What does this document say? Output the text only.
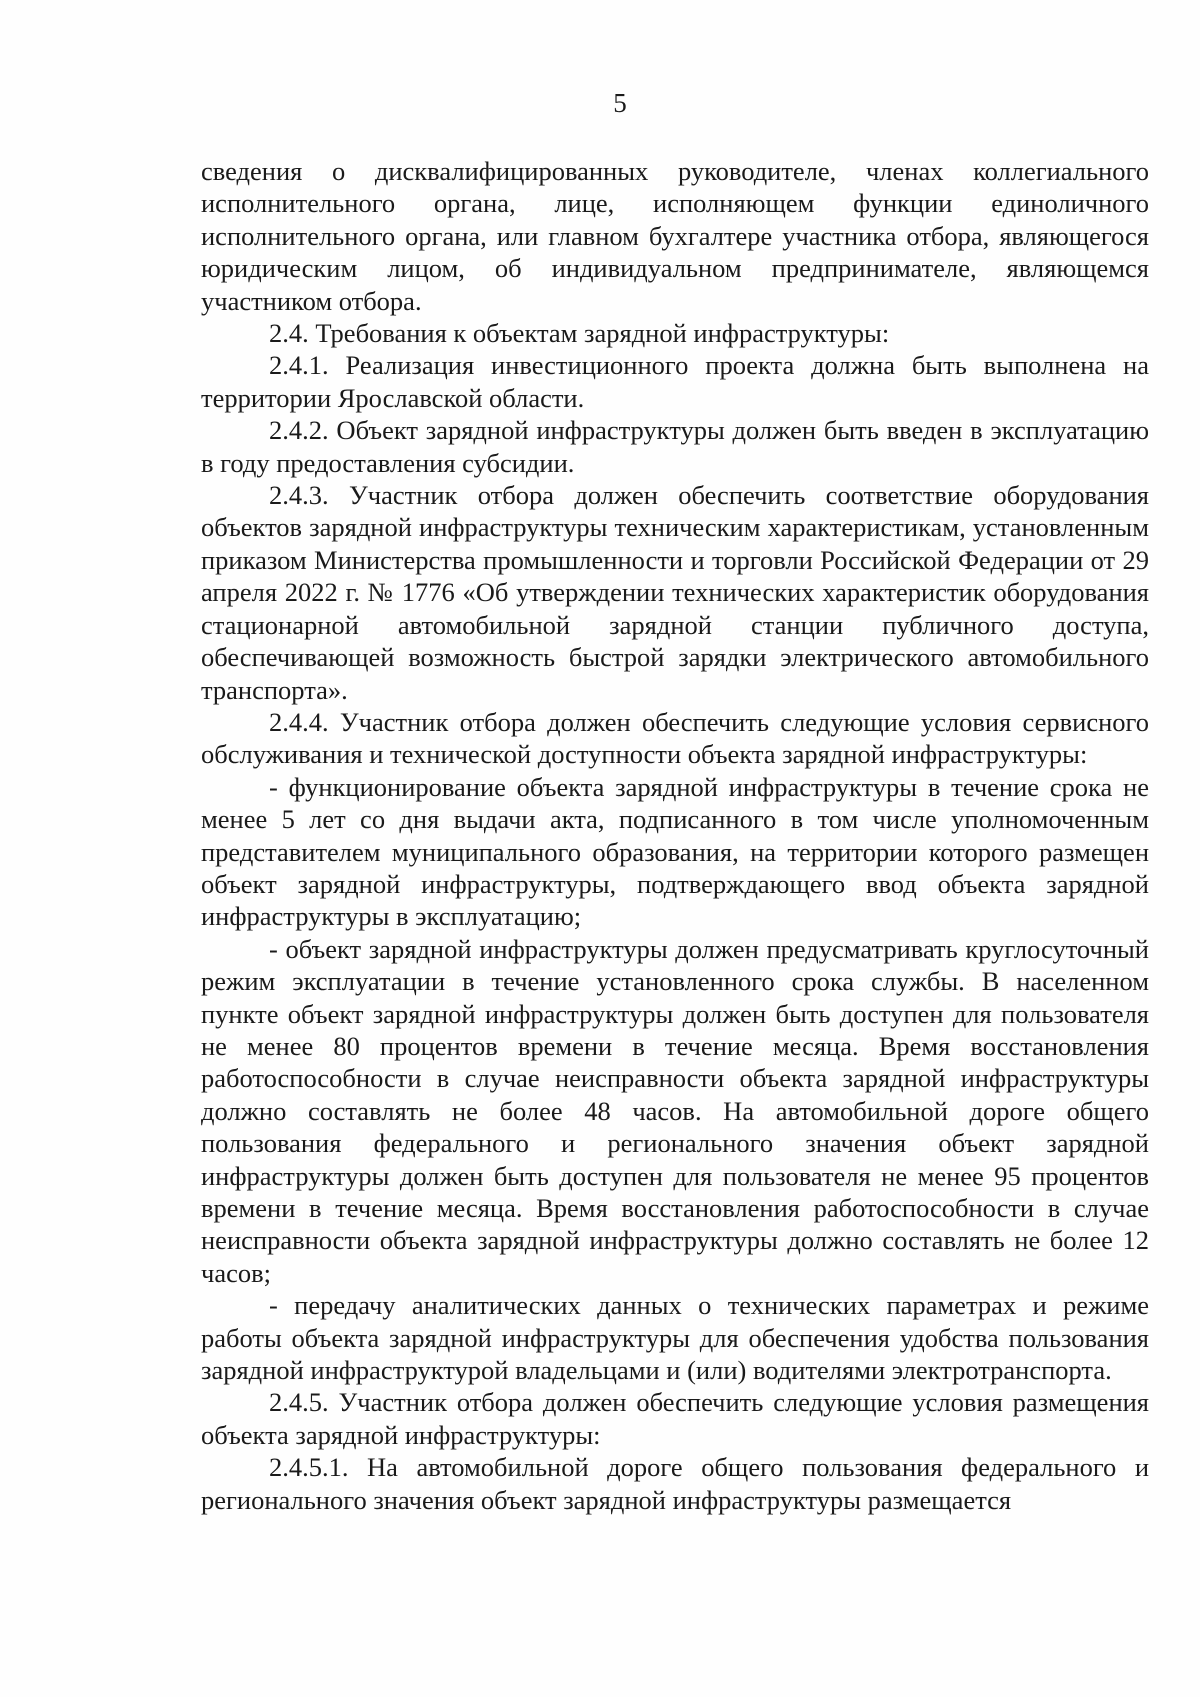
5

сведения о дисквалифицированных руководителе, членах коллегиального исполнительного органа, лице, исполняющем функции единоличного исполнительного органа, или главном бухгалтере участника отбора, являющегося юридическим лицом, об индивидуальном предпринимателе, являющемся участником отбора.

2.4. Требования к объектам зарядной инфраструктуры:

2.4.1. Реализация инвестиционного проекта должна быть выполнена на территории Ярославской области.

2.4.2. Объект зарядной инфраструктуры должен быть введен в эксплуатацию в году предоставления субсидии.

2.4.3. Участник отбора должен обеспечить соответствие оборудования объектов зарядной инфраструктуры техническим характеристикам, установленным приказом Министерства промышленности и торговли Российской Федерации от 29 апреля 2022 г. № 1776 «Об утверждении технических характеристик оборудования стационарной автомобильной зарядной станции публичного доступа, обеспечивающей возможность быстрой зарядки электрического автомобильного транспорта».

2.4.4. Участник отбора должен обеспечить следующие условия сервисного обслуживания и технической доступности объекта зарядной инфраструктуры:

- функционирование объекта зарядной инфраструктуры в течение срока не менее 5 лет со дня выдачи акта, подписанного в том числе уполномоченным представителем муниципального образования, на территории которого размещен объект зарядной инфраструктуры, подтверждающего ввод объекта зарядной инфраструктуры в эксплуатацию;

- объект зарядной инфраструктуры должен предусматривать круглосуточный режим эксплуатации в течение установленного срока службы. В населенном пункте объект зарядной инфраструктуры должен быть доступен для пользователя не менее 80 процентов времени в течение месяца. Время восстановления работоспособности в случае неисправности объекта зарядной инфраструктуры должно составлять не более 48 часов. На автомобильной дороге общего пользования федерального и регионального значения объект зарядной инфраструктуры должен быть доступен для пользователя не менее 95 процентов времени в течение месяца. Время восстановления работоспособности в случае неисправности объекта зарядной инфраструктуры должно составлять не более 12 часов;

- передачу аналитических данных о технических параметрах и режиме работы объекта зарядной инфраструктуры для обеспечения удобства пользования зарядной инфраструктурой владельцами и (или) водителями электротранспорта.

2.4.5. Участник отбора должен обеспечить следующие условия размещения объекта зарядной инфраструктуры:

2.4.5.1. На автомобильной дороге общего пользования федерального и регионального значения объект зарядной инфраструктуры размещается
